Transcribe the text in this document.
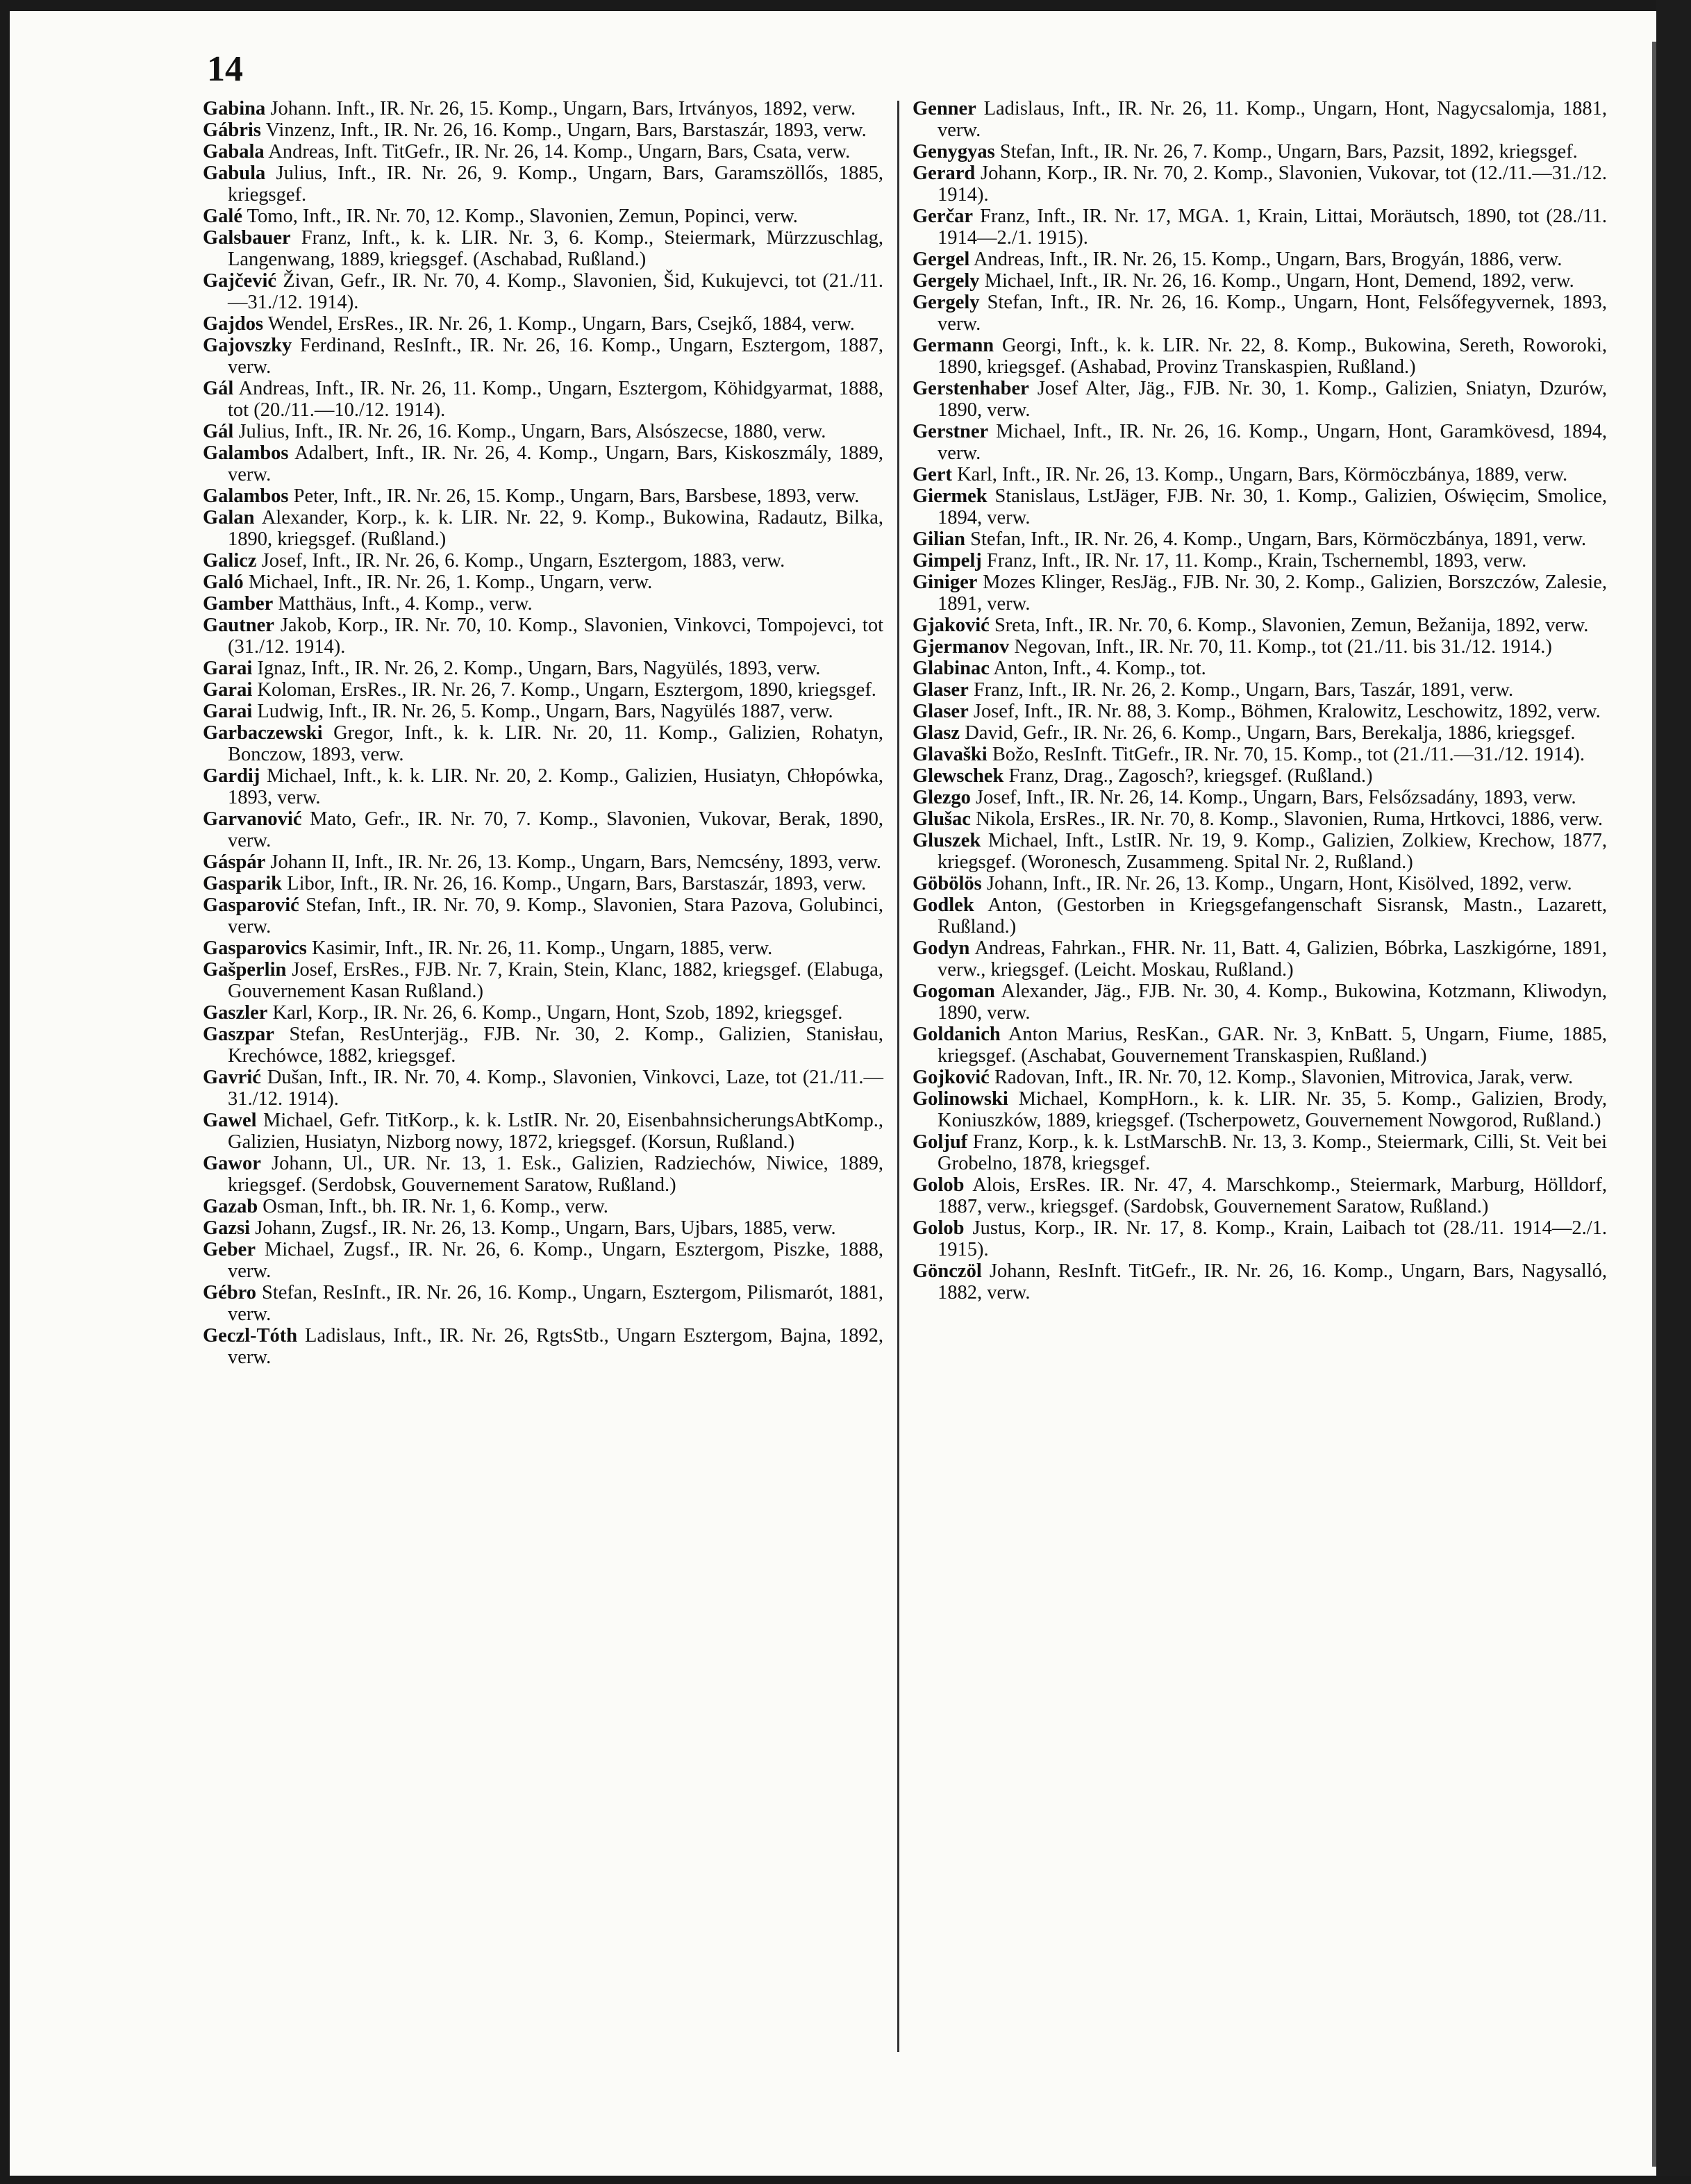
14

Gabina Johann. Inft., IR. Nr. 26, 15. Komp., Ungarn, Bars, Irtványos, 1892, verw.

Gábris Vinzenz, Inft., IR. Nr. 26, 16. Komp., Ungarn, Bars, Barstaszár, 1893, verw.

Gabala Andreas, Inft. TitGefr., IR. Nr. 26, 14. Komp., Ungarn, Bars, Csata, verw.

Gabula Julius, Inft., IR. Nr. 26, 9. Komp., Ungarn, Bars, Garamszöllős, 1885, kriegsgef.

Galé Tomo, Inft., IR. Nr. 70, 12. Komp., Slavonien, Zemun, Popinci, verw.

Galsbauer Franz, Inft., k. k. LIR. Nr. 3, 6. Komp., Steiermark, Mürzzuschlag, Langenwang, 1889, kriegsgef. (Aschabad, Rußland.)

Gajčević Živan, Gefr., IR. Nr. 70, 4. Komp., Slavonien, Šid, Kukujevci, tot (21./11.—31./12. 1914).

Gajdos Wendel, ErsRes., IR. Nr. 26, 1. Komp., Ungarn, Bars, Csejkő, 1884, verw.

Gajovszky Ferdinand, ResInft., IR. Nr. 26, 16. Komp., Ungarn, Esztergom, 1887, verw.

Gál Andreas, Inft., IR. Nr. 26, 11. Komp., Ungarn, Esztergom, Köhidgyarmat, 1888, tot (20./11.—10./12. 1914).

Gál Julius, Inft., IR. Nr. 26, 16. Komp., Ungarn, Bars, Alsószecse, 1880, verw.

Galambos Adalbert, Inft., IR. Nr. 26, 4. Komp., Ungarn, Bars, Kiskoszmály, 1889, verw.

Galambos Peter, Inft., IR. Nr. 26, 15. Komp., Ungarn, Bars, Barsbese, 1893, verw.

Galan Alexander, Korp., k. k. LIR. Nr. 22, 9. Komp., Bukowina, Radautz, Bilka, 1890, kriegsgef. (Rußland.)

Galicz Josef, Inft., IR. Nr. 26, 6. Komp., Ungarn, Esztergom, 1883, verw.

Galó Michael, Inft., IR. Nr. 26, 1. Komp., Ungarn, verw.

Gamber Matthäus, Inft., 4. Komp., verw.

Gautner Jakob, Korp., IR. Nr. 70, 10. Komp., Slavonien, Vinkovci, Tompojevci, tot (31./12. 1914).

Garai Ignaz, Inft., IR. Nr. 26, 2. Komp., Ungarn, Bars, Nagyülés, 1893, verw.

Garai Koloman, ErsRes., IR. Nr. 26, 7. Komp., Ungarn, Esztergom, 1890, kriegsgef.

Garai Ludwig, Inft., IR. Nr. 26, 5. Komp., Ungarn, Bars, Nagyülés 1887, verw.

Garbaczewski Gregor, Inft., k. k. LIR. Nr. 20, 11. Komp., Galizien, Rohatyn, Bonczow, 1893, verw.

Gardij Michael, Inft., k. k. LIR. Nr. 20, 2. Komp., Galizien, Husiatyn, Chłopówka, 1893, verw.

Garvanović Mato, Gefr., IR. Nr. 70, 7. Komp., Slavonien, Vukovar, Berak, 1890, verw.

Gáspár Johann II, Inft., IR. Nr. 26, 13. Komp., Ungarn, Bars, Nemcsény, 1893, verw.

Gasparik Libor, Inft., IR. Nr. 26, 16. Komp., Ungarn, Bars, Barstaszár, 1893, verw.

Gasparović Stefan, Inft., IR. Nr. 70, 9. Komp., Slavonien, Stara Pazova, Golubinci, verw.

Gasparovics Kasimir, Inft., IR. Nr. 26, 11. Komp., Ungarn, 1885, verw.

Gašperlin Josef, ErsRes., FJB. Nr. 7, Krain, Stein, Klanc, 1882, kriegsgef. (Elabuga, Gouvernement Kasan Rußland.)

Gaszler Karl, Korp., IR. Nr. 26, 6. Komp., Ungarn, Hont, Szob, 1892, kriegsgef.

Gaszpar Stefan, ResUnterjäg., FJB. Nr. 30, 2. Komp., Galizien, Stanisłau, Krechówce, 1882, kriegsgef.

Gavrić Dušan, Inft., IR. Nr. 70, 4. Komp., Slavonien, Vinkovci, Laze, tot (21./11.—31./12. 1914).

Gawel Michael, Gefr. TitKorp., k. k. LstIR. Nr. 20, EisenbahnsicherungsAbtKomp., Galizien, Husiatyn, Nizborg nowy, 1872, kriegsgef. (Korsun, Rußland.)

Gawor Johann, Ul., UR. Nr. 13, 1. Esk., Galizien, Radziechów, Niwice, 1889, kriegsgef. (Serdobsk, Gouvernement Saratow, Rußland.)

Gazab Osman, Inft., bh. IR. Nr. 1, 6. Komp., verw.

Gazsi Johann, Zugsf., IR. Nr. 26, 13. Komp., Ungarn, Bars, Ujbars, 1885, verw.

Geber Michael, Zugsf., IR. Nr. 26, 6. Komp., Ungarn, Esztergom, Piszke, 1888, verw.

Gébro Stefan, ResInft., IR. Nr. 26, 16. Komp., Ungarn, Esztergom, Pilismarót, 1881, verw.

Geczl-Tóth Ladislaus, Inft., IR. Nr. 26, RgtsStb., Ungarn Esztergom, Bajna, 1892, verw.

Genner Ladislaus, Inft., IR. Nr. 26, 11. Komp., Ungarn, Hont, Nagycsalomja, 1881, verw.

Genygyas Stefan, Inft., IR. Nr. 26, 7. Komp., Ungarn, Bars, Pazsit, 1892, kriegsgef.

Gerard Johann, Korp., IR. Nr. 70, 2. Komp., Slavonien, Vukovar, tot (12./11.—31./12. 1914).

Gerčar Franz, Inft., IR. Nr. 17, MGA. 1, Krain, Littai, Moräutsch, 1890, tot (28./11. 1914—2./1. 1915).

Gergel Andreas, Inft., IR. Nr. 26, 15. Komp., Ungarn, Bars, Brogyán, 1886, verw.

Gergely Michael, Inft., IR. Nr. 26, 16. Komp., Ungarn, Hont, Demend, 1892, verw.

Gergely Stefan, Inft., IR. Nr. 26, 16. Komp., Ungarn, Hont, Felsőfegyvernek, 1893, verw.

Germann Georgi, Inft., k. k. LIR. Nr. 22, 8. Komp., Bukowina, Sereth, Roworoki, 1890, kriegsgef. (Ashabad, Provinz Transkaspien, Rußland.)

Gerstenhaber Josef Alter, Jäg., FJB. Nr. 30, 1. Komp., Galizien, Sniatyn, Dzurów, 1890, verw.

Gerstner Michael, Inft., IR. Nr. 26, 16. Komp., Ungarn, Hont, Garamkövesd, 1894, verw.

Gert Karl, Inft., IR. Nr. 26, 13. Komp., Ungarn, Bars, Körmöczbánya, 1889, verw.

Giermek Stanislaus, LstJäger, FJB. Nr. 30, 1. Komp., Galizien, Oświęcim, Smolice, 1894, verw.

Gilian Stefan, Inft., IR. Nr. 26, 4. Komp., Ungarn, Bars, Körmöczbánya, 1891, verw.

Gimpelj Franz, Inft., IR. Nr. 17, 11. Komp., Krain, Tschernembl, 1893, verw.

Giniger Mozes Klinger, ResJäg., FJB. Nr. 30, 2. Komp., Galizien, Borszczów, Zalesie, 1891, verw.

Gjaković Sreta, Inft., IR. Nr. 70, 6. Komp., Slavonien, Zemun, Bežanija, 1892, verw.

Gjermanov Negovan, Inft., IR. Nr. 70, 11. Komp., tot (21./11. bis 31./12. 1914.)

Glabinac Anton, Inft., 4. Komp., tot.

Glaser Franz, Inft., IR. Nr. 26, 2. Komp., Ungarn, Bars, Taszár, 1891, verw.

Glaser Josef, Inft., IR. Nr. 88, 3. Komp., Böhmen, Kralowitz, Leschowitz, 1892, verw.

Glasz David, Gefr., IR. Nr. 26, 6. Komp., Ungarn, Bars, Berekalja, 1886, kriegsgef.

Glavaški Božo, ResInft. TitGefr., IR. Nr. 70, 15. Komp., tot (21./11.—31./12. 1914).

Glewschek Franz, Drag., Zagosch?, kriegsgef. (Rußland.)

Glezgo Josef, Inft., IR. Nr. 26, 14. Komp., Ungarn, Bars, Felsőzsadány, 1893, verw.

Glušac Nikola, ErsRes., IR. Nr. 70, 8. Komp., Slavonien, Ruma, Hrtkovci, 1886, verw.

Gluszek Michael, Inft., LstIR. Nr. 19, 9. Komp., Galizien, Zolkiew, Krechow, 1877, kriegsgef. (Woronesch, Zusammeng. Spital Nr. 2, Rußland.)

Göbölös Johann, Inft., IR. Nr. 26, 13. Komp., Ungarn, Hont, Kisölved, 1892, verw.

Godlek Anton, (Gestorben in Kriegsgefangenschaft Sisransk, Mastn., Lazarett, Rußland.)

Godyn Andreas, Fahrkan., FHR. Nr. 11, Batt. 4, Galizien, Bóbrka, Laszkigórne, 1891, verw., kriegsgef. (Leicht. Moskau, Rußland.)

Gogoman Alexander, Jäg., FJB. Nr. 30, 4. Komp., Bukowina, Kotzmann, Kliwodyn, 1890, verw.

Goldanich Anton Marius, ResKan., GAR. Nr. 3, KnBatt. 5, Ungarn, Fiume, 1885, kriegsgef. (Aschabat, Gouvernement Transkaspien, Rußland.)

Gojković Radovan, Inft., IR. Nr. 70, 12. Komp., Slavonien, Mitrovica, Jarak, verw.

Golinowski Michael, KompHorn., k. k. LIR. Nr. 35, 5. Komp., Galizien, Brody, Koniuszków, 1889, kriegsgef. (Tscherpowetz, Gouvernement Nowgorod, Rußland.)

Goljuf Franz, Korp., k. k. LstMarschB. Nr. 13, 3. Komp., Steiermark, Cilli, St. Veit bei Grobelno, 1878, kriegsgef.

Golob Alois, ErsRes. IR. Nr. 47, 4. Marschkomp., Steiermark, Marburg, Hölldorf, 1887, verw., kriegsgef. (Sardobsk, Gouvernement Saratow, Rußland.)

Golob Justus, Korp., IR. Nr. 17, 8. Komp., Krain, Laibach tot (28./11. 1914—2./1. 1915).

Gönczöl Johann, ResInft. TitGefr., IR. Nr. 26, 16. Komp., Ungarn, Bars, Nagysalló, 1882, verw.
